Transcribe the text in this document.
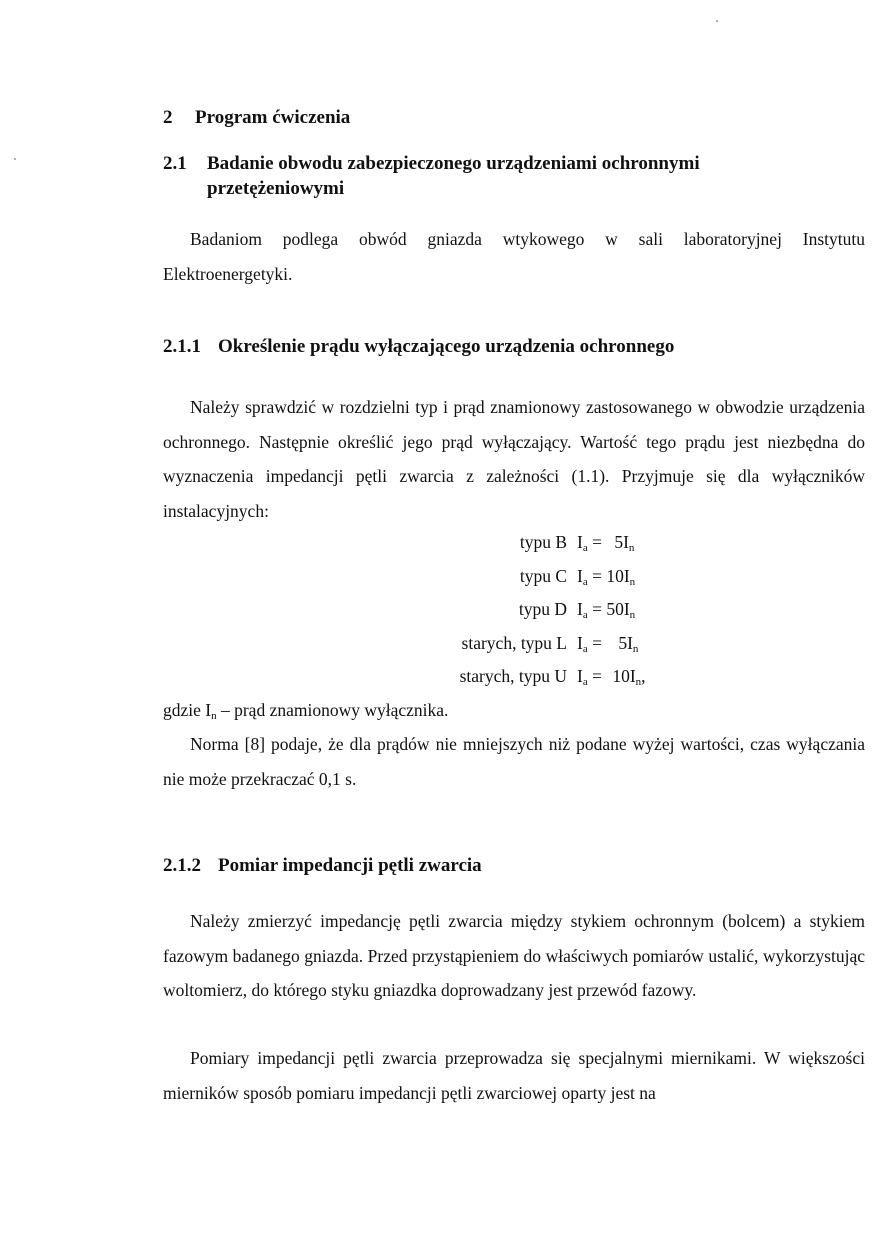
2 Program ćwiczenia
2.1 Badanie obwodu zabezpieczonego urządzeniami ochronnymi
przetężeniowymi

Badaniom podlega obwód gniazda wtykowego w sali laboratoryjnej Instytutu Elektroenergetyki.

2.1.1 Określenie prądu wyłączającego urządzenia ochronnego

Należy sprawdzić w rozdzielni typ i prąd znamionowy zastosowanego w obwodzie urządzenia ochronnego. Następnie określić jego prąd wyłączający. Wartość tego prądu jest niezbędna do wyznaczenia impedancji pętli zwarcia z zależności (1.1). Przyjmuje się dla wyłączników instalacyjnych:

typu B $I_a = 5I_n$
typu C $I_a = 10I_n$
typu D $I_a = 50I_n$
starych, typu L $I_a = 5I_n$
starych, typu U $I_a = 10I_n$,
gdzie $I_n$ – prąd znamionowy wyłącznika.

Norma [8] podaje, że dla prądów nie mniejszych niż podane wyżej wartości, czas wyłączania nie może przekraczać 0,1 s.

2.1.2 Pomiar impedancji pętli zwarcia

Należy zmierzyć impedancję pętli zwarcia między stykiem ochronnym (bolcem) a stykiem fazowym badanego gniazda. Przed przystąpieniem do właściwych pomiarów ustalić, wykorzystując woltomierz, do którego styku gniazdka doprowadzany jest przewód fazowy.

Pomiary impedancji pętli zwarcia przeprowadza się specjalnymi miernikami. W większości mierników sposób pomiaru impedancji pętli zwarciowej oparty jest na
